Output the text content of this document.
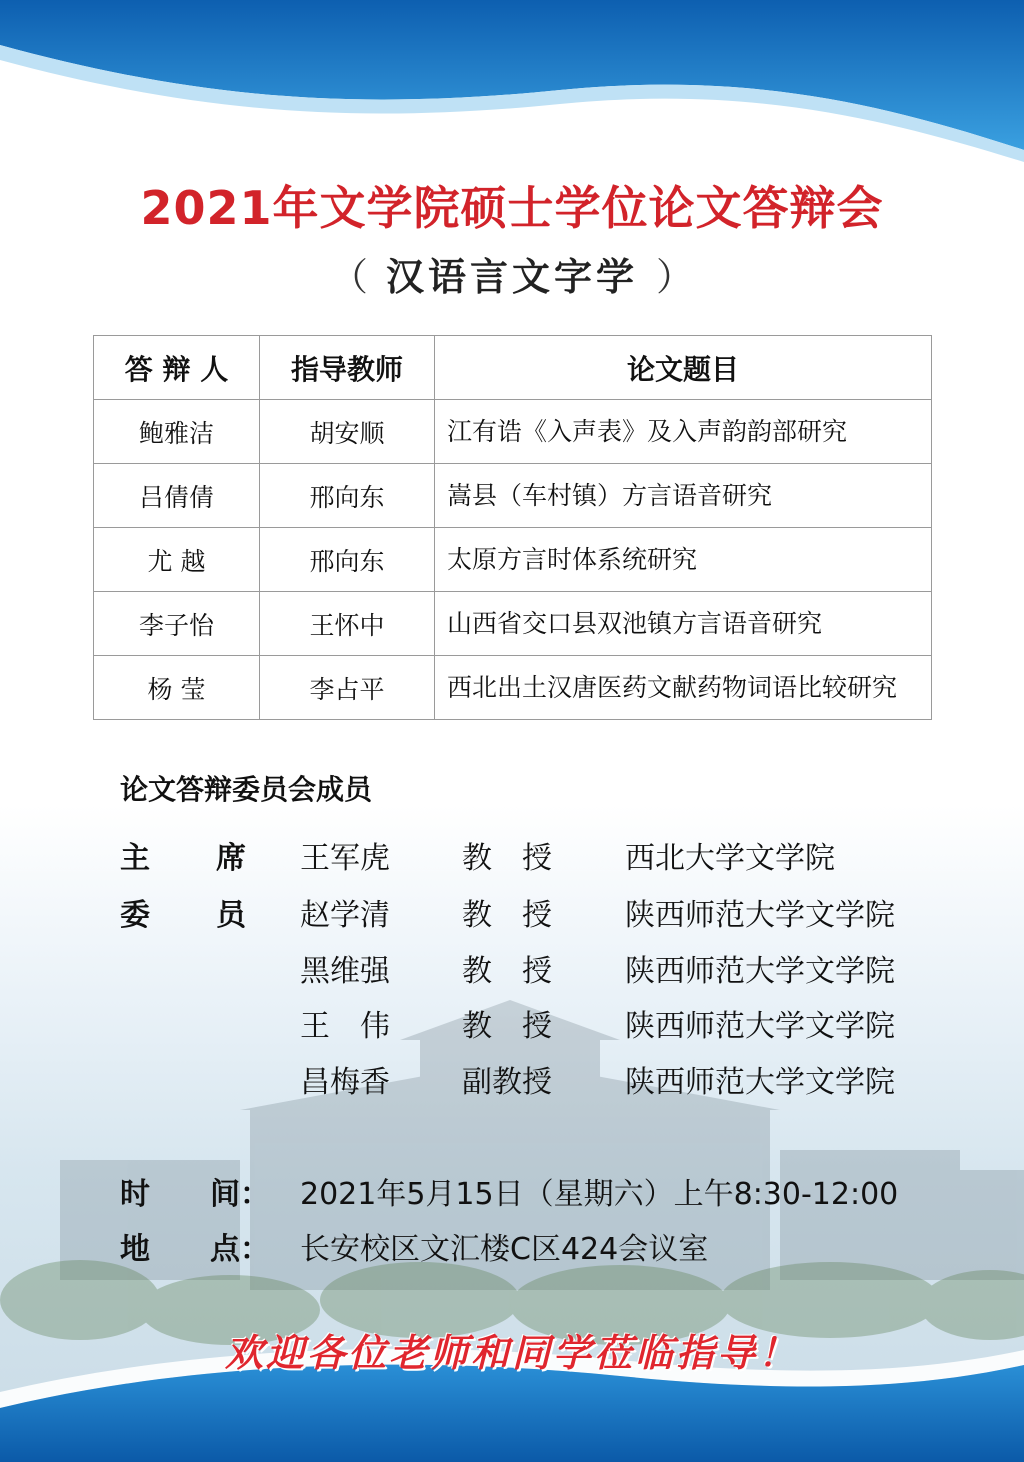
2021年文学院硕士学位论文答辩会
（ 汉语言文字学 ）
答 辩 人	指导教师	论文题目
鲍雅洁	胡安顺	江有诰《入声表》及入声韵韵部研究
吕倩倩	邢向东	嵩县（车村镇）方言语音研究
尤 越	邢向东	太原方言时体系统研究
李子怡	王怀中	山西省交口县双池镇方言语音研究
杨 莹	李占平	西北出土汉唐医药文献药物词语比较研究
论文答辩委员会成员
主　　席 王军虎	教　授	西北大学文学院
委　　员 赵学清	教　授	陕西师范大学文学院
黑维强	教　授	陕西师范大学文学院
王　伟	教　授	陕西师范大学文学院
昌梅香	副教授	陕西师范大学文学院
时　　间： 2021年5月15日（星期六）上午8:30-12:00
地　　点： 长安校区文汇楼C区424会议室
欢迎各位老师和同学莅临指导！
